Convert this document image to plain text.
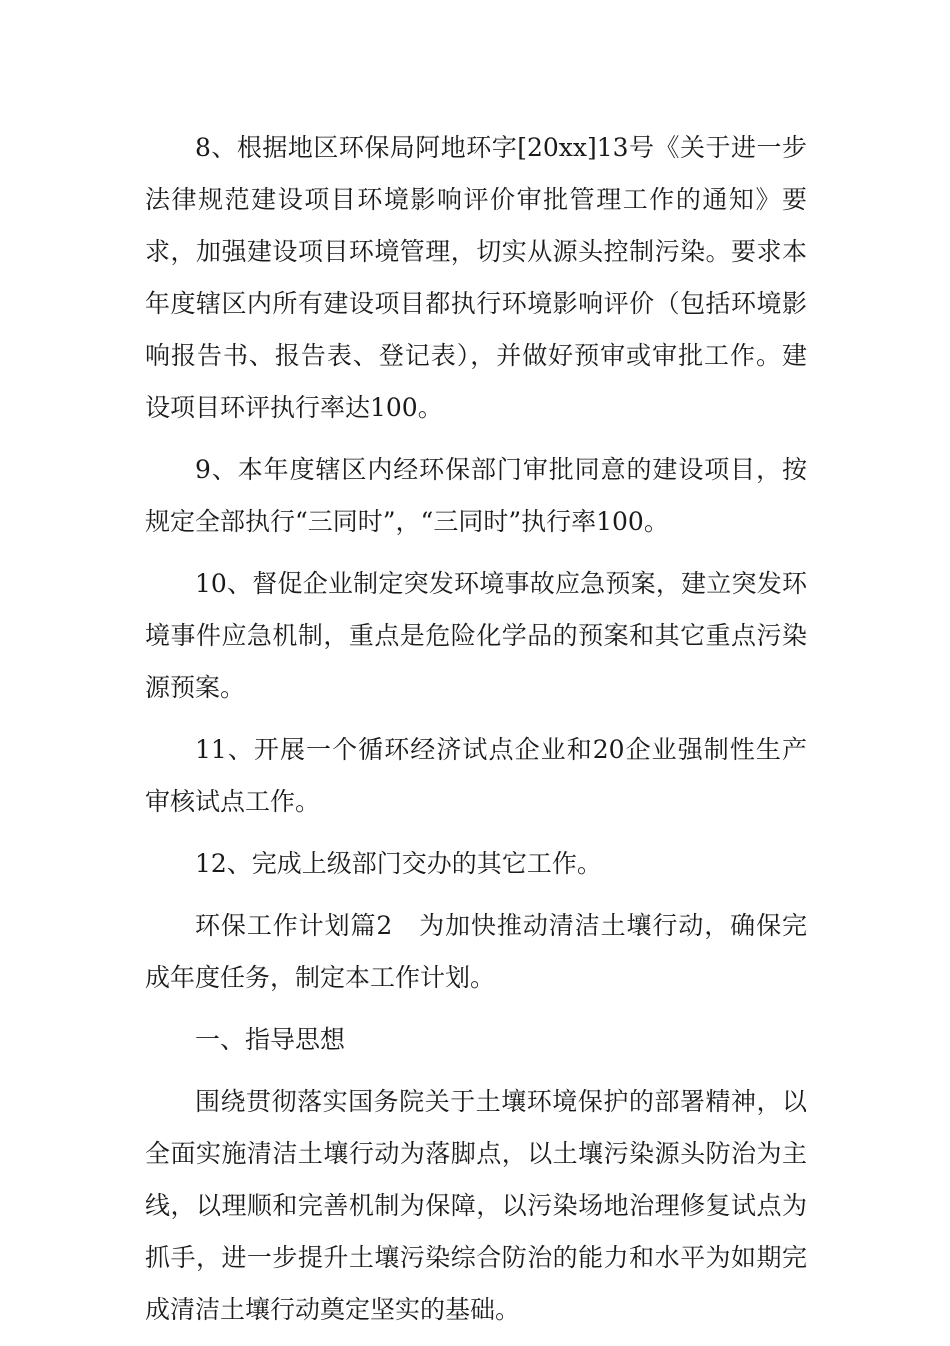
8、根据地区环保局阿地环字[20xx]13号《关于进一步法律规范建设项目环境影响评价审批管理工作的通知》要求，加强建设项目环境管理，切实从源头控制污染。要求本年度辖区内所有建设项目都执行环境影响评价（包括环境影响报告书、报告表、登记表），并做好预审或审批工作。建设项目环评执行率达100。

9、本年度辖区内经环保部门审批同意的建设项目，按规定全部执行“三同时”，“三同时”执行率100。

10、督促企业制定突发环境事故应急预案，建立突发环境事件应急机制，重点是危险化学品的预案和其它重点污染源预案。

11、开展一个循环经济试点企业和20企业强制性生产审核试点工作。

12、完成上级部门交办的其它工作。

环保工作计划篇2　为加快推动清洁土壤行动，确保完成年度任务，制定本工作计划。

一、指导思想

围绕贯彻落实国务院关于土壤环境保护的部署精神，以全面实施清洁土壤行动为落脚点，以土壤污染源头防治为主线，以理顺和完善机制为保障，以污染场地治理修复试点为抓手，进一步提升土壤污染综合防治的能力和水平为如期完成清洁土壤行动奠定坚实的基础。
